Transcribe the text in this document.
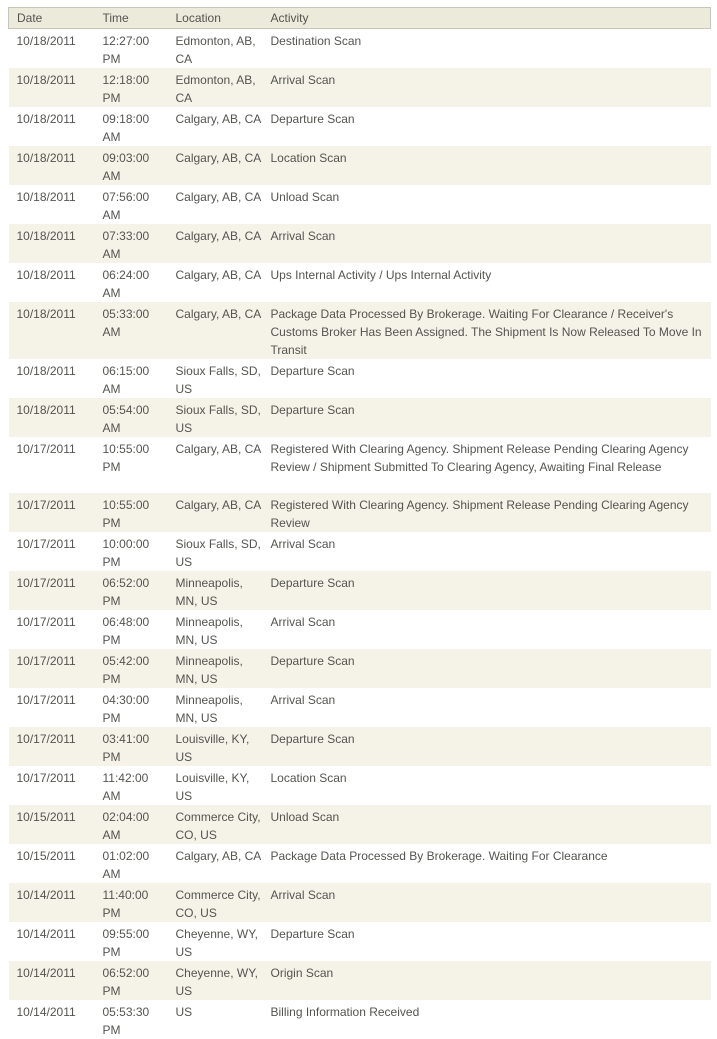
Date	Time	Location	Activity
10/18/2011	12:27:00 PM	Edmonton, AB, CA	Destination Scan
10/18/2011	12:18:00 PM	Edmonton, AB, CA	Arrival Scan
10/18/2011	09:18:00 AM	Calgary, AB, CA	Departure Scan
10/18/2011	09:03:00 AM	Calgary, AB, CA	Location Scan
10/18/2011	07:56:00 AM	Calgary, AB, CA	Unload Scan
10/18/2011	07:33:00 AM	Calgary, AB, CA	Arrival Scan
10/18/2011	06:24:00 AM	Calgary, AB, CA	Ups Internal Activity / Ups Internal Activity
10/18/2011	05:33:00 AM	Calgary, AB, CA	Package Data Processed By Brokerage. Waiting For Clearance / Receiver's Customs Broker Has Been Assigned. The Shipment Is Now Released To Move In Transit
10/18/2011	06:15:00 AM	Sioux Falls, SD, US	Departure Scan
10/18/2011	05:54:00 AM	Sioux Falls, SD, US	Departure Scan
10/17/2011	10:55:00 PM	Calgary, AB, CA	Registered With Clearing Agency. Shipment Release Pending Clearing Agency Review / Shipment Submitted To Clearing Agency, Awaiting Final Release
10/17/2011	10:55:00 PM	Calgary, AB, CA	Registered With Clearing Agency. Shipment Release Pending Clearing Agency Review
10/17/2011	10:00:00 PM	Sioux Falls, SD, US	Arrival Scan
10/17/2011	06:52:00 PM	Minneapolis, MN, US	Departure Scan
10/17/2011	06:48:00 PM	Minneapolis, MN, US	Arrival Scan
10/17/2011	05:42:00 PM	Minneapolis, MN, US	Departure Scan
10/17/2011	04:30:00 PM	Minneapolis, MN, US	Arrival Scan
10/17/2011	03:41:00 PM	Louisville, KY, US	Departure Scan
10/17/2011	11:42:00 AM	Louisville, KY, US	Location Scan
10/15/2011	02:04:00 AM	Commerce City, CO, US	Unload Scan
10/15/2011	01:02:00 AM	Calgary, AB, CA	Package Data Processed By Brokerage. Waiting For Clearance
10/14/2011	11:40:00 PM	Commerce City, CO, US	Arrival Scan
10/14/2011	09:55:00 PM	Cheyenne, WY, US	Departure Scan
10/14/2011	06:52:00 PM	Cheyenne, WY, US	Origin Scan
10/14/2011	05:53:30 PM	US	Billing Information Received
